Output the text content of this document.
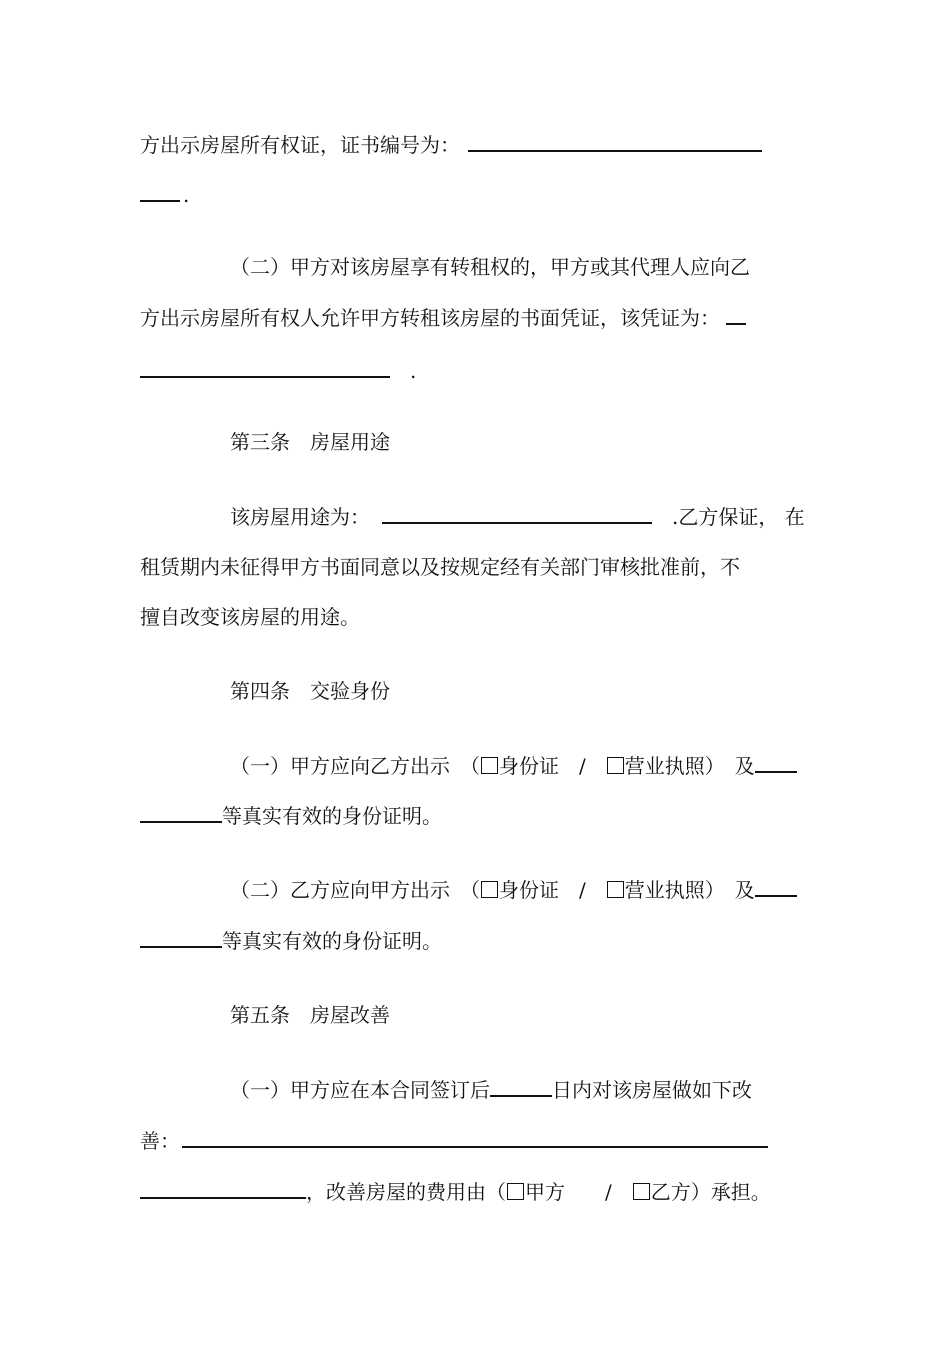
方出示房屋所有权证，证书编号为：
.
（二）甲方对该房屋享有转租权的，甲方或其代理人应向乙
方出示房屋所有权人允许甲方转租该房屋的书面凭证，该凭证为：
.
第三条　房屋用途
该房屋用途为：	.乙方保证， 在
租赁期内未征得甲方书面同意以及按规定经有关部门审核批准前，不
擅自改变该房屋的用途。
第四条　交验身份
（一）甲方应向乙方出示　（ 身份证　/　营业执照）　及
等真实有效的身份证明。
（二）乙方应向甲方出示　（ 身份证　/　营业执照）　及
等真实有效的身份证明。
第五条　房屋改善
（一）甲方应在本合同签订后	日内对该房屋做如下改
善：
，改善房屋的费用由（ 甲方　　/　乙方）承担。
